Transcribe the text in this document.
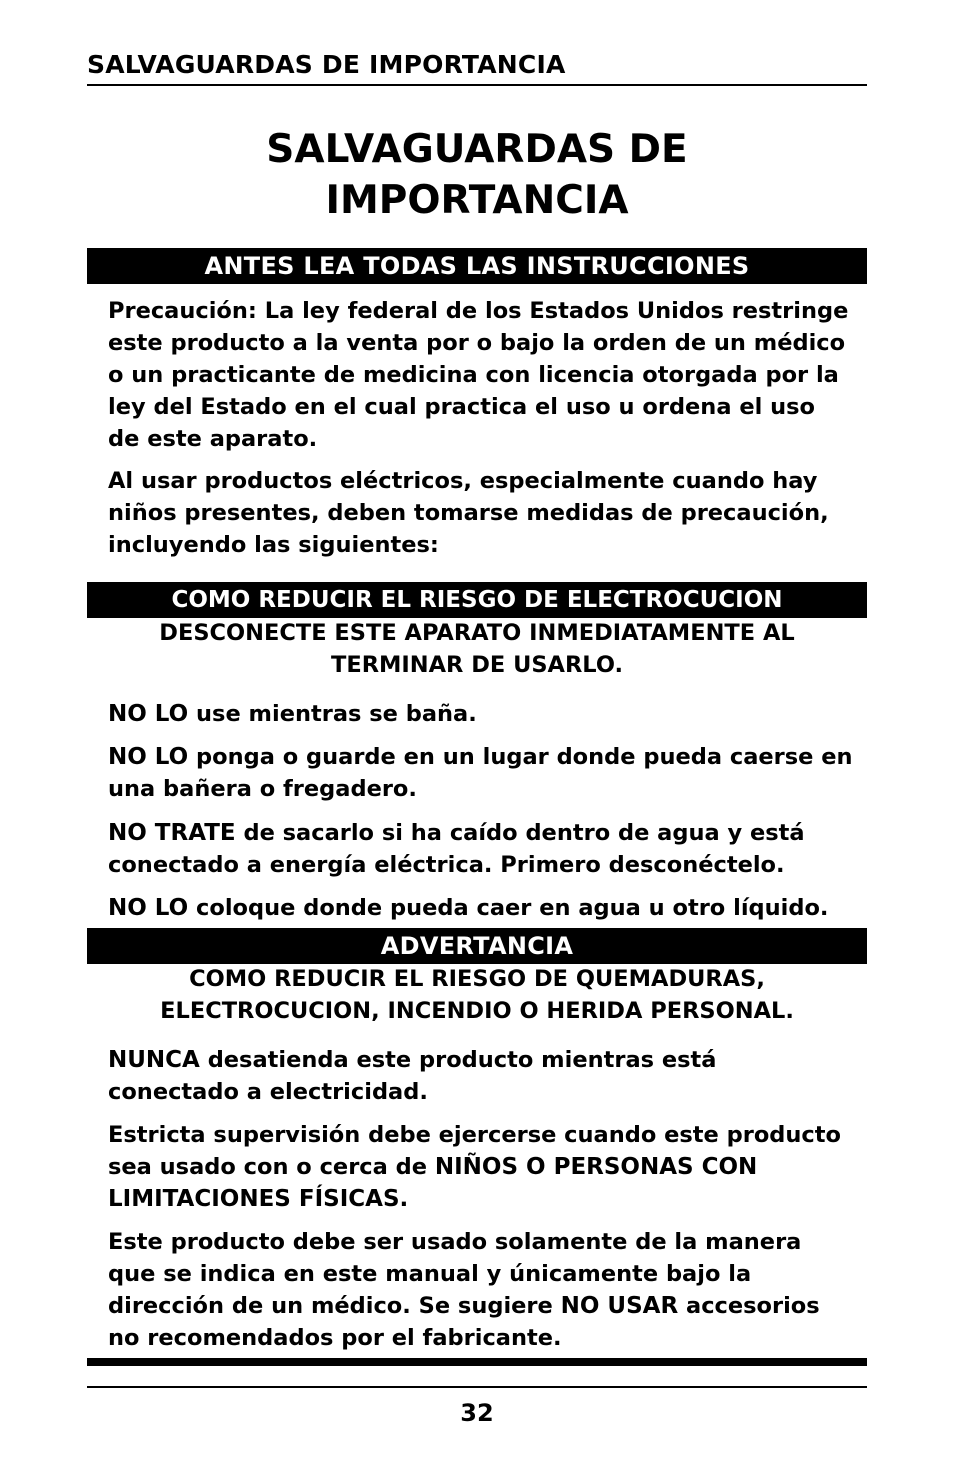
SALVAGUARDAS DE IMPORTANCIA
SALVAGUARDAS DE
IMPORTANCIA
ANTES LEA TODAS LAS INSTRUCCIONES
Precaución: La ley federal de los Estados Unidos restringe este producto a la venta por o bajo la orden de un médico o un practicante de medicina con licencia otorgada por la ley del Estado en el cual practica el uso u ordena el uso de este aparato.
Al usar productos eléctricos, especialmente cuando hay niños presentes, deben tomarse medidas de precaución, incluyendo las siguientes:
COMO REDUCIR EL RIESGO DE ELECTROCUCION
DESCONECTE ESTE APARATO INMEDIATAMENTE AL TERMINAR DE USARLO.
NO LO use mientras se baña.
NO LO ponga o guarde en un lugar donde pueda caerse en una bañera o fregadero.
NO TRATE de sacarlo si ha caído dentro de agua y está conectado a energía eléctrica. Primero desconéctelo.
NO LO coloque donde pueda caer en agua u otro líquido.
ADVERTANCIA
COMO REDUCIR EL RIESGO DE QUEMADURAS,
ELECTROCUCION, INCENDIO O HERIDA PERSONAL.
NUNCA desatienda este producto mientras está conectado a electricidad.
Estricta supervisión debe ejercerse cuando este producto sea usado con o cerca de NIÑOS O PERSONAS CON LIMITACIONES FÍSICAS.
Este producto debe ser usado solamente de la manera que se indica en este manual y únicamente bajo la dirección de un médico. Se sugiere NO USAR accesorios no recomendados por el fabricante.
32
